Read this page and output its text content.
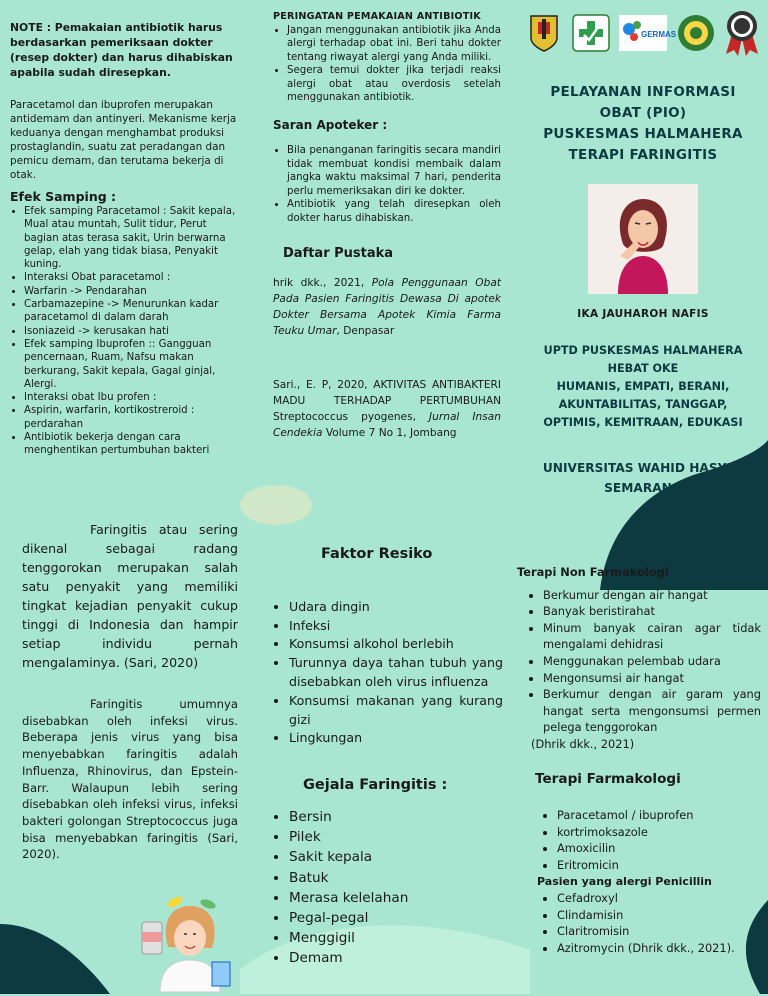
NOTE : Pemakaian antibiotik harus berdasarkan pemeriksaan dokter (resep dokter) dan harus dihabiskan apabila sudah diresepkan.

Paracetamol dan ibuprofen merupakan antidemam dan antinyeri. Mekanisme kerja keduanya dengan menghambat produksi prostaglandin, suatu zat peradangan dan pemicu demam, dan terutama bekerja di otak.

Efek Samping :
• Efek samping Paracetamol : Sakit kepala, Mual atau muntah, Sulit tidur, Perut bagian atas terasa sakit, Urin berwarna gelap, elah yang tidak biasa, Penyakit kuning.
• Interaksi Obat paracetamol :
• Warfarin -> Pendarahan
• Carbamazepine -> Menurunkan kadar paracetamol di dalam darah
• Isoniazeid -> kerusakan hati
• Efek samping Ibuprofen :: Gangguan pencernaan, Ruam, Nafsu makan berkurang, Sakit kepala, Gagal ginjal, Alergi.
• Interaksi obat Ibu profen :
• Aspirin, warfarin, kortikostreroid : perdarahan
• Antibiotik bekerja dengan cara menghentikan pertumbuhan bakteri
PERINGATAN PEMAKAIAN ANTIBIOTIK
• Jangan menggunakan antibiotik jika Anda alergi terhadap obat ini. Beri tahu dokter tentang riwayat alergi yang Anda miliki.
• Segera temui dokter jika terjadi reaksi alergi obat atau overdosis setelah menggunakan antibiotik.
Saran Apoteker :
• Bila penanganan faringitis secara mandiri tidak membuat kondisi membaik dalam jangka waktu maksimal 7 hari, penderita perlu memeriksakan diri ke dokter.
• Antibiotik yang telah diresepkan oleh dokter harus dihabiskan.
Daftar Pustaka

hrik dkk., 2021, Pola Penggunaan Obat Pada Pasien Faringitis Dewasa Di apotek Dokter Bersama Apotek Kimia Farma Teuku Umar, Denpasar

Sari., E. P, 2020, AKTIVITAS ANTIBAKTERI MADU TERHADAP PERTUMBUHAN Streptococcus pyogenes, Jurnal Insan Cendekia Volume 7 No 1, Jombang

GERMAS
PELAYANAN INFORMASI
OBAT (PIO)
PUSKESMAS HALMAHERA
TERAPI FARINGITIS

IKA JAUHAROH NAFIS

UPTD PUSKESMAS HALMAHERA
HEBAT OKE
HUMANIS, EMPATI, BERANI,
AKUNTABILITAS, TANGGAP,
OPTIMIS, KEMITRAAN, EDUKASI

UNIVERSITAS WAHID HASYIM
SEMARANG

Faringitis atau sering dikenal sebagai radang tenggorokan merupakan salah satu penyakit yang memiliki tingkat kejadian penyakit cukup tinggi di Indonesia dan hampir setiap individu pernah mengalaminya. (Sari, 2020)

Faringitis umumnya disebabkan oleh infeksi virus. Beberapa jenis virus yang bisa menyebabkan faringitis adalah Influenza, Rhinovirus, dan Epstein-Barr. Walaupun lebih sering disebabkan oleh infeksi virus, infeksi bakteri golongan Streptococcus juga bisa menyebabkan faringitis (Sari, 2020).

Faktor Resiko
• Udara dingin
• Infeksi
• Konsumsi alkohol berlebih
• Turunnya daya tahan tubuh yang disebabkan oleh virus influenza
• Konsumsi makanan yang kurang gizi
• Lingkungan
Gejala Faringitis :
• Bersin
• Pilek
• Sakit kepala
• Batuk
• Merasa kelelahan
• Pegal-pegal
• Menggigil
• Demam
Terapi Non Farmakologi
• Berkumur dengan air hangat
• Banyak beristirahat
• Minum banyak cairan agar tidak mengalami dehidrasi
• Menggunakan pelembab udara
• Mengonsumsi air hangat
• Berkumur dengan air garam yang hangat serta mengonsumsi permen pelega tenggorokan

(Dhrik dkk., 2021)

Terapi Farmakologi
• Paracetamol / ibuprofen
• kortrimoksazole
• Amoxicilin
• Eritromicin

Pasien yang alergi Penicillin

• Cefadroxyl
• Clindamisin
• Claritromisin
• Azitromycin (Dhrik dkk., 2021).
